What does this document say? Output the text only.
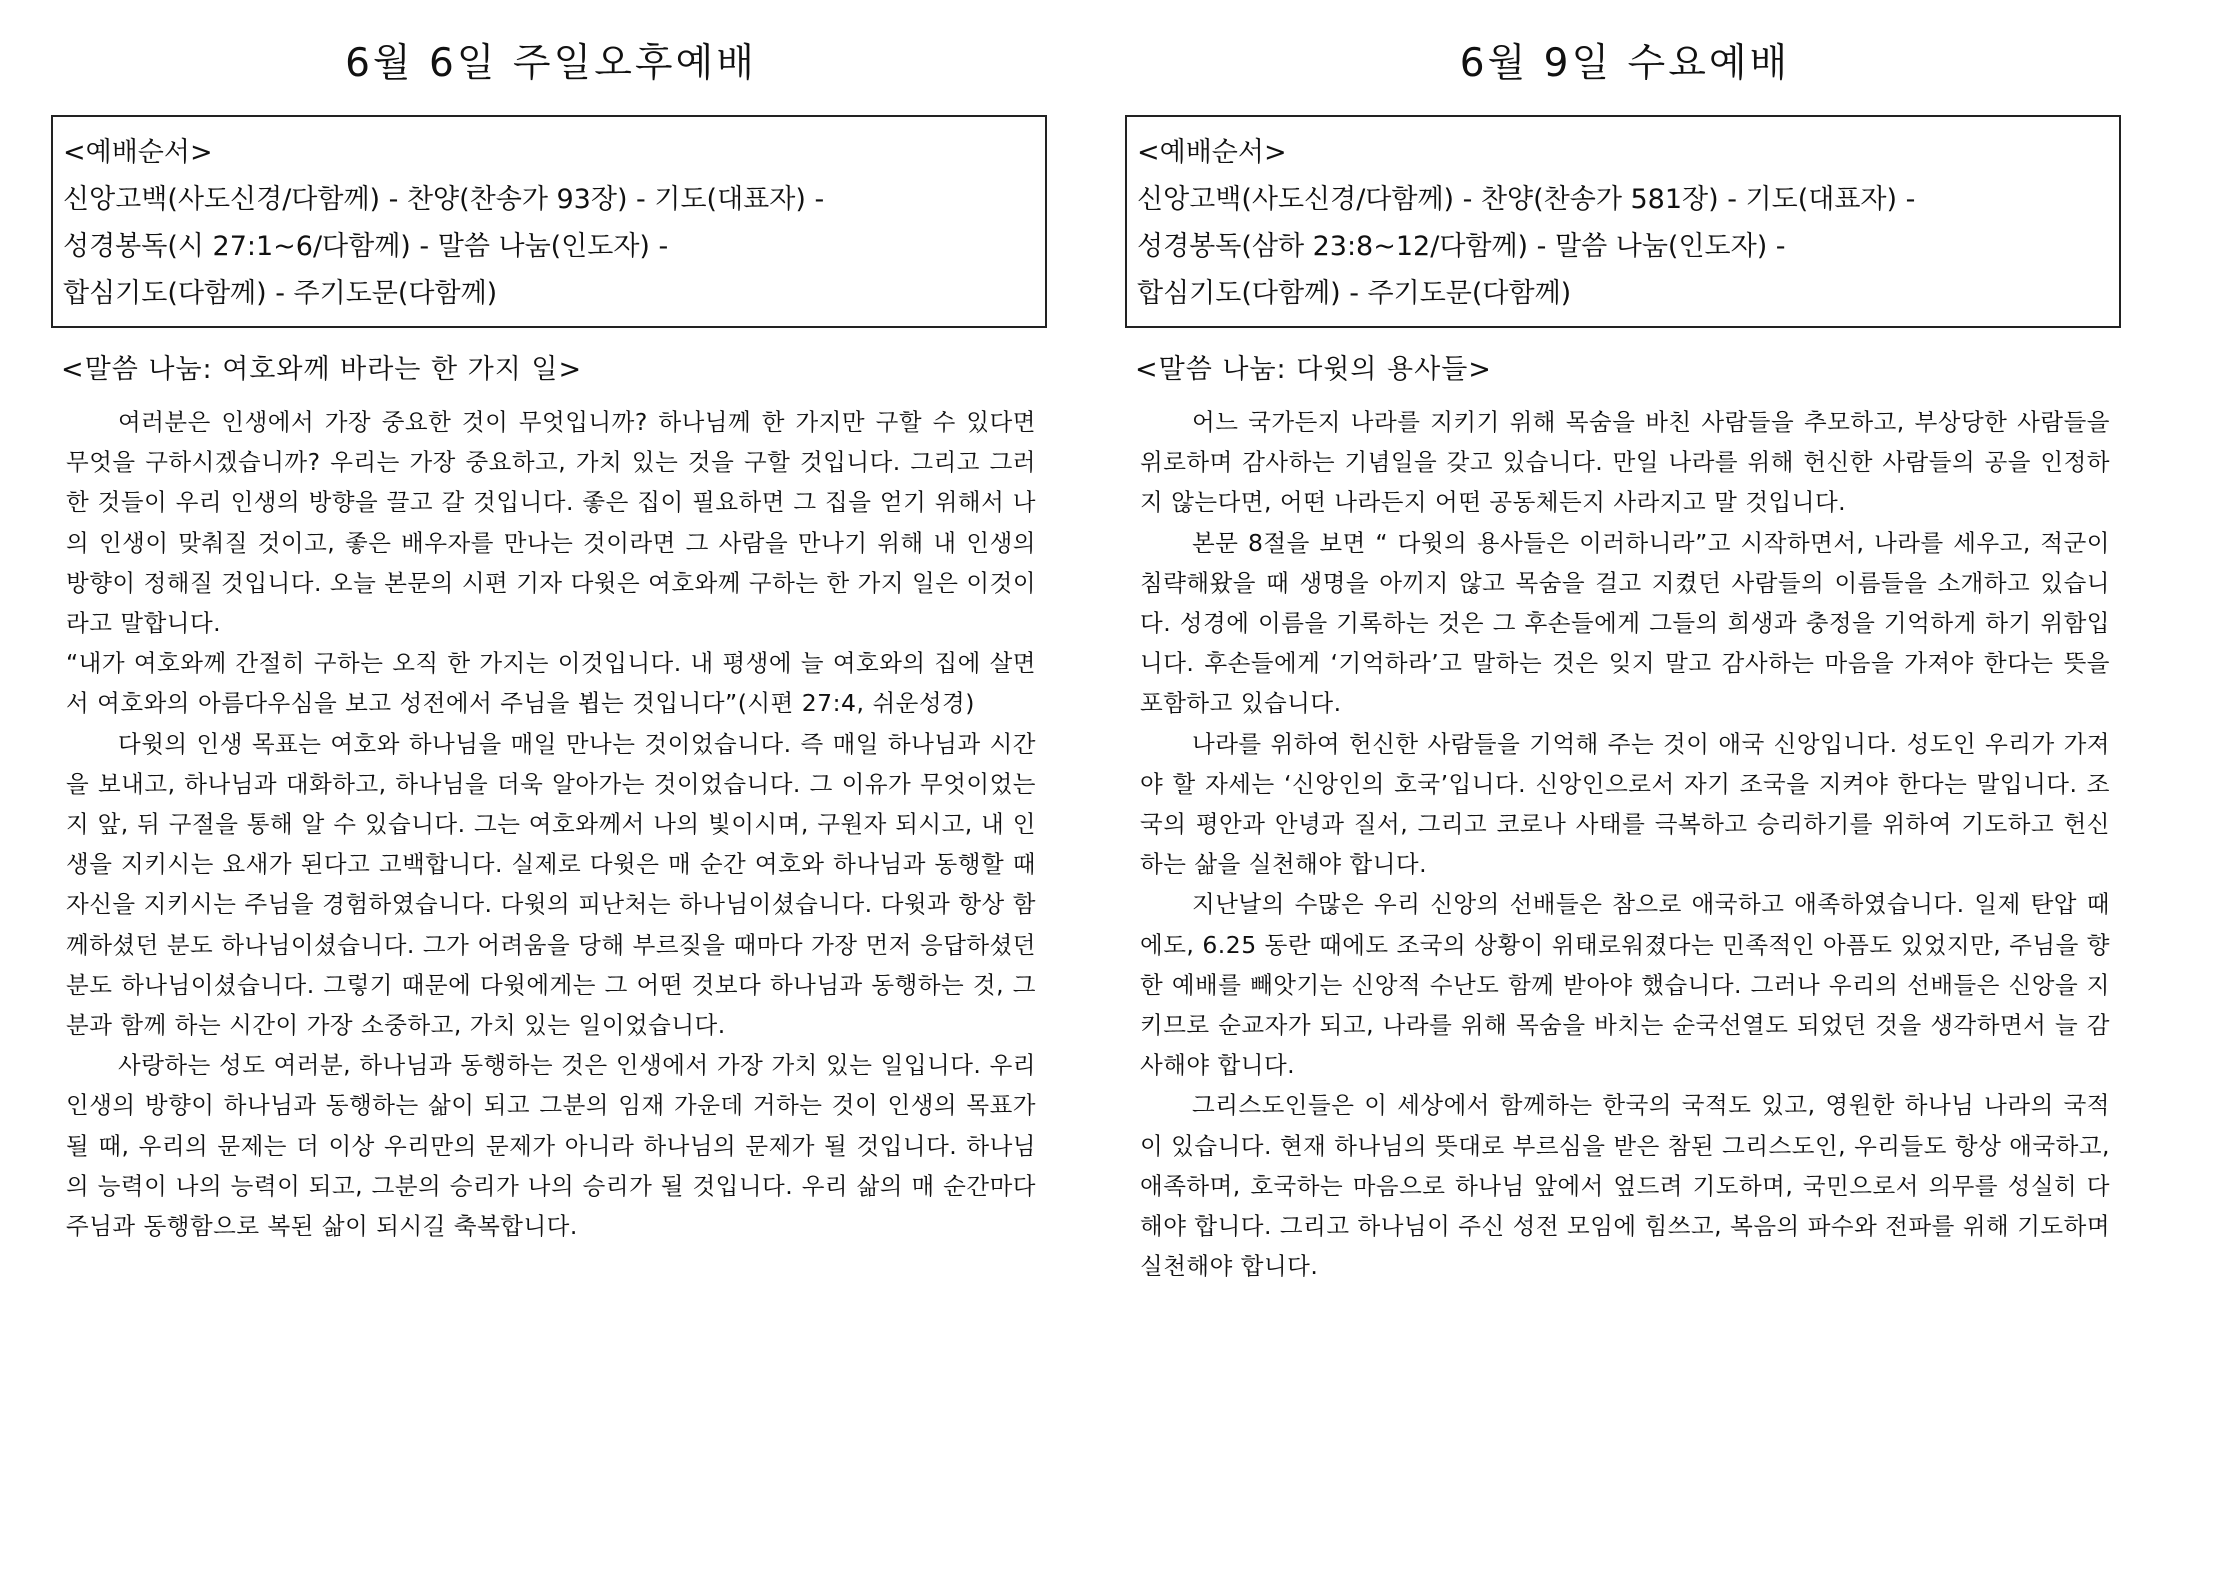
6월 6일 주일오후예배
<예배순서>
신앙고백(사도신경/다함께) - 찬양(찬송가 93장) - 기도(대표자) -
성경봉독(시 27:1~6/다함께) - 말씀 나눔(인도자) -
합심기도(다함께) - 주기도문(다함께)
<말씀 나눔: 여호와께 바라는 한 가지 일>

여러분은 인생에서 가장 중요한 것이 무엇입니까? 하나님께 한 가지만 구할 수 있다면 무엇을 구하시겠습니까? 우리는 가장 중요하고, 가치 있는 것을 구할 것입니다. 그리고 그러한 것들이 우리 인생의 방향을 끌고 갈 것입니다. 좋은 집이 필요하면 그 집을 얻기 위해서 나의 인생이 맞춰질 것이고, 좋은 배우자를 만나는 것이라면 그 사람을 만나기 위해 내 인생의 방향이 정해질 것입니다. 오늘 본문의 시편 기자 다윗은 여호와께 구하는 한 가지 일은 이것이라고 말합니다.

“내가 여호와께 간절히 구하는 오직 한 가지는 이것입니다. 내 평생에 늘 여호와의 집에 살면서 여호와의 아름다우심을 보고 성전에서 주님을 뵙는 것입니다”(시편 27:4, 쉬운성경)

다윗의 인생 목표는 여호와 하나님을 매일 만나는 것이었습니다. 즉 매일 하나님과 시간을 보내고, 하나님과 대화하고, 하나님을 더욱 알아가는 것이었습니다. 그 이유가 무엇이었는지 앞, 뒤 구절을 통해 알 수 있습니다. 그는 여호와께서 나의 빛이시며, 구원자 되시고, 내 인생을 지키시는 요새가 된다고 고백합니다. 실제로 다윗은 매 순간 여호와 하나님과 동행할 때 자신을 지키시는 주님을 경험하였습니다. 다윗의 피난처는 하나님이셨습니다. 다윗과 항상 함께하셨던 분도 하나님이셨습니다. 그가 어려움을 당해 부르짖을 때마다 가장 먼저 응답하셨던 분도 하나님이셨습니다. 그렇기 때문에 다윗에게는 그 어떤 것보다 하나님과 동행하는 것, 그분과 함께 하는 시간이 가장 소중하고, 가치 있는 일이었습니다.

사랑하는 성도 여러분, 하나님과 동행하는 것은 인생에서 가장 가치 있는 일입니다. 우리 인생의 방향이 하나님과 동행하는 삶이 되고 그분의 임재 가운데 거하는 것이 인생의 목표가 될 때, 우리의 문제는 더 이상 우리만의 문제가 아니라 하나님의 문제가 될 것입니다. 하나님의 능력이 나의 능력이 되고, 그분의 승리가 나의 승리가 될 것입니다. 우리 삶의 매 순간마다 주님과 동행함으로 복된 삶이 되시길 축복합니다.

6월 9일 수요예배
<예배순서>
신앙고백(사도신경/다함께) - 찬양(찬송가 581장) - 기도(대표자) -
성경봉독(삼하 23:8~12/다함께) - 말씀 나눔(인도자) -
합심기도(다함께) - 주기도문(다함께)
<말씀 나눔: 다윗의 용사들>

어느 국가든지 나라를 지키기 위해 목숨을 바친 사람들을 추모하고, 부상당한 사람들을 위로하며 감사하는 기념일을 갖고 있습니다. 만일 나라를 위해 헌신한 사람들의 공을 인정하지 않는다면, 어떤 나라든지 어떤 공동체든지 사라지고 말 것입니다.

본문 8절을 보면 “ 다윗의 용사들은 이러하니라”고 시작하면서, 나라를 세우고, 적군이 침략해왔을 때 생명을 아끼지 않고 목숨을 걸고 지켰던 사람들의 이름들을 소개하고 있습니다. 성경에 이름을 기록하는 것은 그 후손들에게 그들의 희생과 충정을 기억하게 하기 위함입니다. 후손들에게 ‘기억하라’고 말하는 것은 잊지 말고 감사하는 마음을 가져야 한다는 뜻을 포함하고 있습니다.

나라를 위하여 헌신한 사람들을 기억해 주는 것이 애국 신앙입니다. 성도인 우리가 가져야 할 자세는 ‘신앙인의 호국’입니다. 신앙인으로서 자기 조국을 지켜야 한다는 말입니다. 조국의 평안과 안녕과 질서, 그리고 코로나 사태를 극복하고 승리하기를 위하여 기도하고 헌신하는 삶을 실천해야 합니다.

지난날의 수많은 우리 신앙의 선배들은 참으로 애국하고 애족하였습니다. 일제 탄압 때에도, 6.25 동란 때에도 조국의 상황이 위태로워졌다는 민족적인 아픔도 있었지만, 주님을 향한 예배를 빼앗기는 신앙적 수난도 함께 받아야 했습니다. 그러나 우리의 선배들은 신앙을 지키므로 순교자가 되고, 나라를 위해 목숨을 바치는 순국선열도 되었던 것을 생각하면서 늘 감사해야 합니다.

그리스도인들은 이 세상에서 함께하는 한국의 국적도 있고, 영원한 하나님 나라의 국적이 있습니다. 현재 하나님의 뜻대로 부르심을 받은 참된 그리스도인, 우리들도 항상 애국하고, 애족하며, 호국하는 마음으로 하나님 앞에서 엎드려 기도하며, 국민으로서 의무를 성실히 다해야 합니다. 그리고 하나님이 주신 성전 모임에 힘쓰고, 복음의 파수와 전파를 위해 기도하며 실천해야 합니다.
